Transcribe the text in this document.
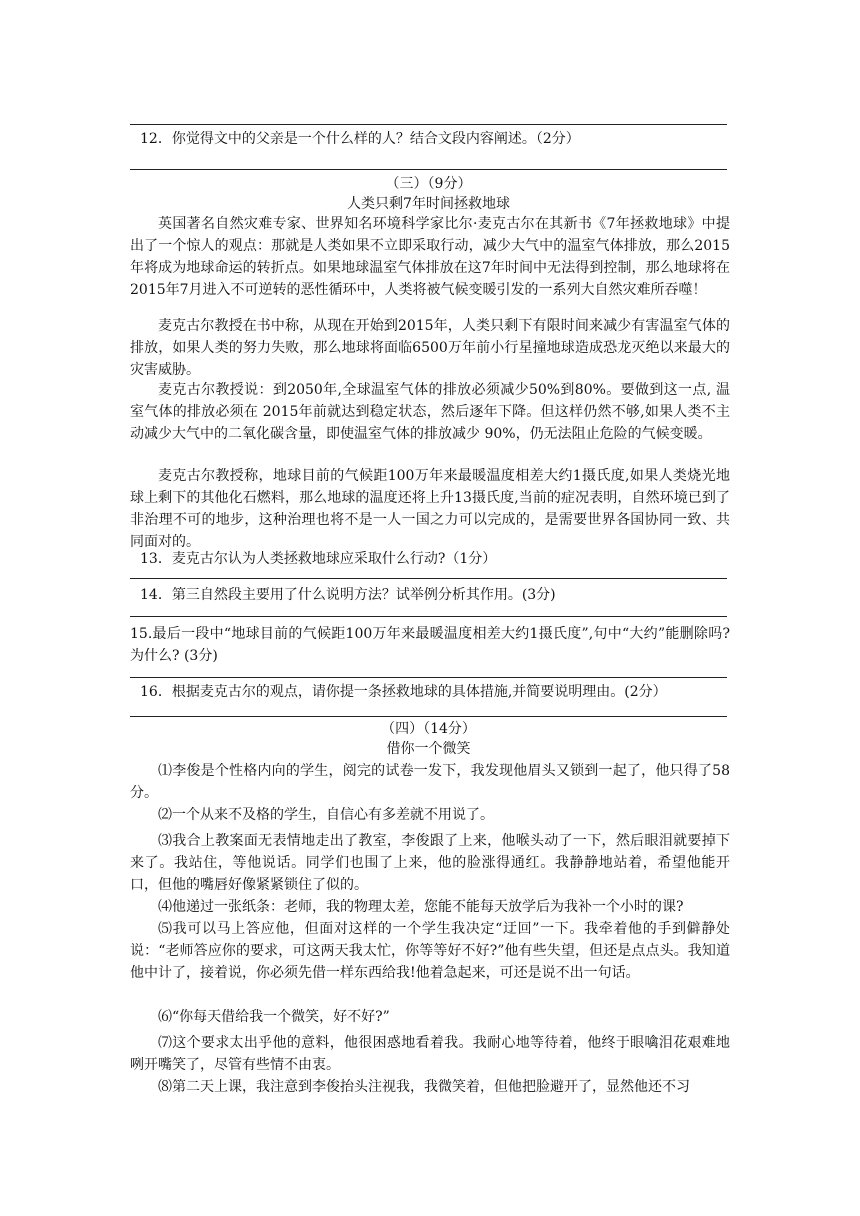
12．你觉得文中的父亲是一个什么样的人？结合文段内容阐述。（2分）
（三）（9分）
人类只剩7年时间拯救地球
英国著名自然灾难专家、世界知名环境科学家比尔·麦克古尔在其新书《7年拯救地球》中提出了一个惊人的观点：那就是人类如果不立即采取行动，减少大气中的温室气体排放，那么2015年将成为地球命运的转折点。如果地球温室气体排放在这7年时间中无法得到控制，那么地球将在2015年7月进入不可逆转的恶性循环中，人类将被气候变暖引发的一系列大自然灾难所吞噬！
麦克古尔教授在书中称，从现在开始到2015年，人类只剩下有限时间来减少有害温室气体的排放，如果人类的努力失败，那么地球将面临6500万年前小行星撞地球造成恐龙灭绝以来最大的灾害威胁。
麦克古尔教授说：到2050年,全球温室气体的排放必须减少50%到80%。要做到这一点, 温室气体的排放必须在 2015年前就达到稳定状态，然后逐年下降。但这样仍然不够,如果人类不主动减少大气中的二氧化碳含量，即使温室气体的排放减少 90%，仍无法阻止危险的气候变暖。
麦克古尔教授称，地球目前的气候距100万年来最暖温度相差大约1摄氏度,如果人类烧光地球上剩下的其他化石燃料，那么地球的温度还将上升13摄氏度,当前的症况表明，自然环境已到了非治理不可的地步，这种治理也将不是一人一国之力可以完成的，是需要世界各国协同一致、共同面对的。
13．麦克古尔认为人类拯救地球应采取什么行动?（1分）
14．第三自然段主要用了什么说明方法？试举例分析其作用。(3分)
15.最后一段中“地球目前的气候距100万年来最暖温度相差大约1摄氏度”,句中“大约”能删除吗?为什么? (3分)
16．根据麦克古尔的观点，请你提一条拯救地球的具体措施,并简要说明理由。(2分）
（四）（14分）
借你一个微笑
⑴李俊是个性格内向的学生，阅完的试卷一发下，我发现他眉头又锁到一起了，他只得了58分。
⑵一个从来不及格的学生，自信心有多差就不用说了。
⑶我合上教案面无表情地走出了教室，李俊跟了上来，他喉头动了一下，然后眼泪就要掉下来了。我站住，等他说话。同学们也围了上来，他的脸涨得通红。我静静地站着，希望他能开口，但他的嘴唇好像紧紧锁住了似的。
⑷他递过一张纸条：老师，我的物理太差，您能不能每天放学后为我补一个小时的课?
⑸我可以马上答应他，但面对这样的一个学生我决定“迂回”一下。我牵着他的手到僻静处说：“老师答应你的要求，可这两天我太忙，你等等好不好?”他有些失望，但还是点点头。我知道他中计了，接着说，你必须先借一样东西给我!他着急起来，可还是说不出一句话。
⑹“你每天借给我一个微笑，好不好?”
⑺这个要求太出乎他的意料，他很困惑地看着我。我耐心地等待着，他终于眼噙泪花艰难地咧开嘴笑了，尽管有些情不由衷。
⑻第二天上课，我注意到李俊抬头注视我，我微笑着，但他把脸避开了，显然他还不习
